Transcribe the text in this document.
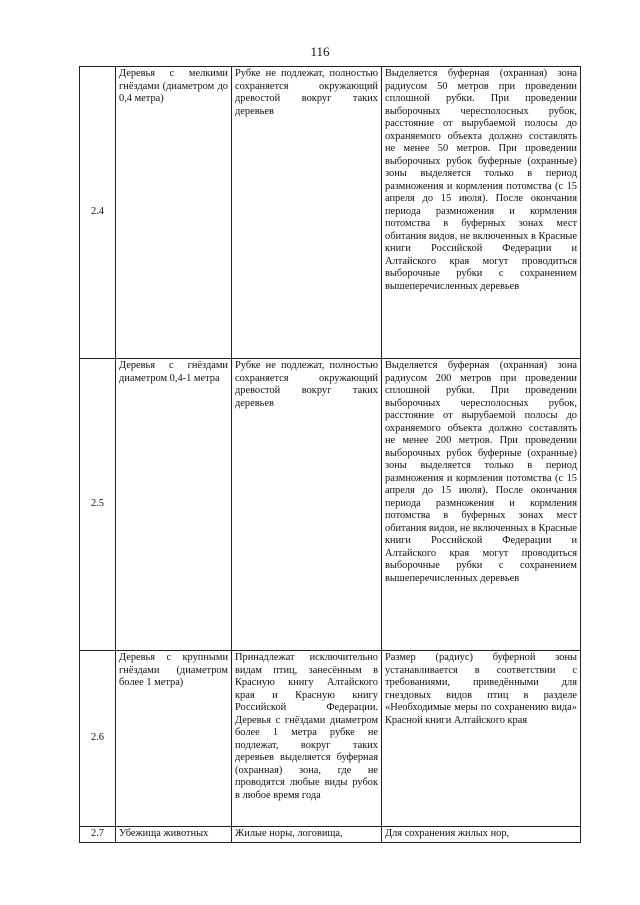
116
2.4	Деревья с мелкими гнёздами (диаметром до 0,4 метра)	Рубке не подлежат, полностью сохраняется окружающий древостой вокруг таких деревьев	Выделяется буферная (охранная) зона радиусом 50 метров при проведении сплошной рубки. При проведении выборочных чересполосных рубок, расстояние от вырубаемой полосы до охраняемого объекта должно составлять не менее 50 метров. При проведении выборочных рубок буферные (охранные) зоны выделяется только в период размножения и кормления потомства (с 15 апреля до 15 июля). После окончания периода размножения и кормления потомства в буферных зонах мест обитания видов, не включенных в Красные книги Российской Федерации и Алтайского края могут проводиться выборочные рубки с сохранением вышеперечисленных деревьев
2.5	Деревья с гнёздами диаметром 0,4-1 метра	Рубке не подлежат, полностью сохраняется окружающий древостой вокруг таких деревьев	Выделяется буферная (охранная) зона радиусом 200 метров при проведении сплошной рубки. При проведении выборочных чересполосных рубок, расстояние от вырубаемой полосы до охраняемого объекта должно составлять не менее 200 метров. При проведении выборочных рубок буферные (охранные) зоны выделяется только в период размножения и кормления потомства (с 15 апреля до 15 июля). После окончания периода размножения и кормления потомства в буферных зонах мест обитания видов, не включенных в Красные книги Российской Федерации и Алтайского края могут проводиться выборочные рубки с сохранением вышеперечисленных деревьев
2.6	Деревья с крупными гнёздами (диаметром более 1 метра)	Принадлежат исключительно видам птиц, занесённым в Красную книгу Алтайского края и Красную книгу Российской Федерации. Деревья с гнёздами диаметром более 1 метра рубке не подлежат, вокруг таких деревьев выделяется буферная (охранная) зона, где не проводятся любые виды рубок в любое время года	Размер (радиус) буферной зоны устанавливается в соответствии с требованиями, приведёнными для гнездовых видов птиц в разделе «Необходимые меры по сохранению вида» Красной книги Алтайского края
2.7	Убежища животных	Жилые норы, логовища,	Для сохранения жилых нор,
